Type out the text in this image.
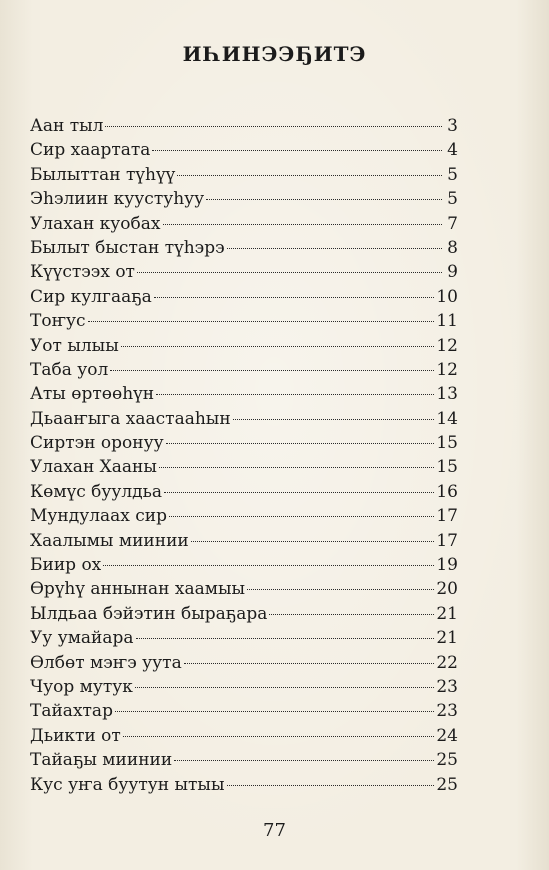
ИҺИНЭЭҔИТЭ
Аан тыл	3
Сир хаартата	4
Былыттан түһүү	5
Эһэлиин куустуһуу	5
Улахан куобах	7
Былыт быстан түһэрэ	8
Күүстээх от	9
Сир кулгааҕа	10
Тоҥус	11
Уот ылыы	12
Таба уол	12
Аты өртөөһүн	13
Дьааҥыга хаастааһын	14
Сиртэн оронуу	15
Улахан Хааны	15
Көмүс буулдьа	16
Мундулаах сир	17
Хаалымы миинии	17
Биир ох	19
Өрүһү аннынан хаамыы	20
Ылдьаа бэйэтин быраҕара	21
Уу умайара	21
Өлбөт мэҥэ уута	22
Чуор мутук	23
Тайахтар	23
Дьикти от	24
Тайаҕы миинии	25
Кус уҥа буутун ытыы	25
77
